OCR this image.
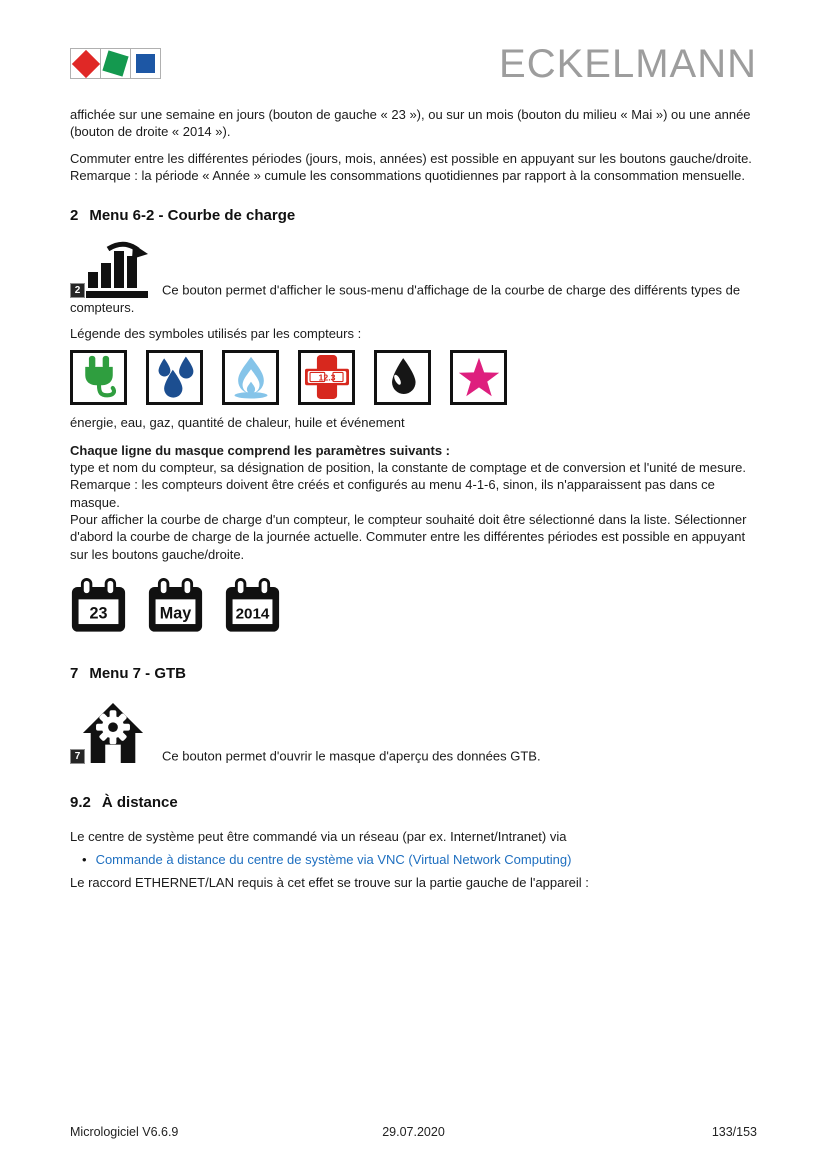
ECKELMANN

affichée sur une semaine en jours (bouton de gauche « 23 »), ou sur un mois (bouton du milieu « Mai ») ou une année (bouton de droite « 2014 »).

Commuter entre les différentes périodes (jours, mois, années) est possible en appuyant sur les boutons gauche/droite. Remarque : la période « Année » cumule les consommations quotidiennes par rapport à la consommation mensuelle.

2 Menu 6-2 - Courbe de charge

2	Ce bouton permet d'afficher le sous-menu d'affichage de la courbe de charge des différents types de compteurs.

Légende des symboles utilisés par les compteurs :

12.3

énergie, eau, gaz, quantité de chaleur, huile et événement

Chaque ligne du masque comprend les paramètres suivants :
type et nom du compteur, sa désignation de position, la constante de comptage et de conversion et l'unité de mesure. Remarque : les compteurs doivent être créés et configurés au menu 4-1-6, sinon, ils n'apparaissent pas dans ce masque.
Pour afficher la courbe de charge d'un compteur, le compteur souhaité doit être sélectionné dans la liste. Sélectionner d'abord la courbe de charge de la journée actuelle. Commuter entre les différentes périodes est possible en appuyant sur les boutons gauche/droite.
23	May	2014
7 Menu 7 - GTB

7	Ce bouton permet d'ouvrir le masque d'aperçu des données GTB.

9.2 À distance

Le centre de système peut être commandé via un réseau (par ex. Internet/Intranet) via

• Commande à distance du centre de système via VNC (Virtual Network Computing)

Le raccord ETHERNET/LAN requis à cet effet se trouve sur la partie gauche de l'appareil :

Micrologiciel V6.6.9	29.07.2020	133/153
